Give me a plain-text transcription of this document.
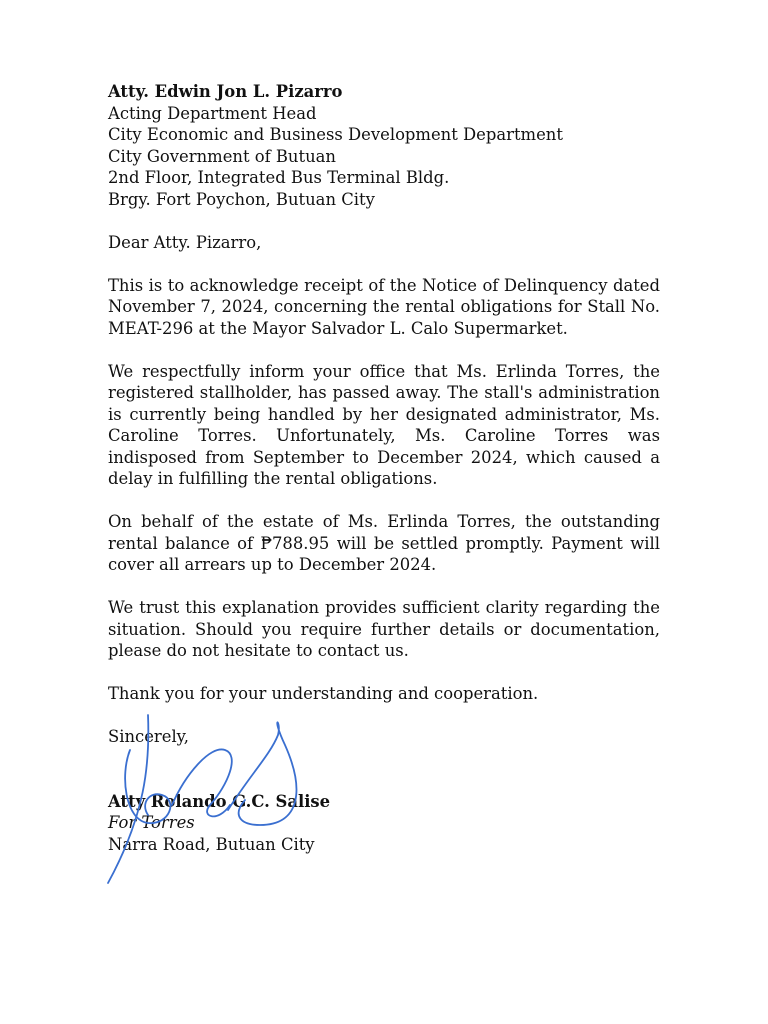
Atty. Edwin Jon L. Pizarro
Acting Department Head
City Economic and Business Development Department
City Government of Butuan
2nd Floor, Integrated Bus Terminal Bldg.
Brgy. Fort Poychon, Butuan City
Dear Atty. Pizarro,

This is to acknowledge receipt of the Notice of Delinquency dated November 7, 2024, concerning the rental obligations for Stall No. MEAT-296 at the Mayor Salvador L. Calo Supermarket.

We respectfully inform your office that Ms. Erlinda Torres, the registered stallholder, has passed away. The stall's administration is currently being handled by her designated administrator, Ms. Caroline Torres. Unfortunately, Ms. Caroline Torres was indisposed from September to December 2024, which caused a delay in fulfilling the rental obligations.

On behalf of the estate of Ms. Erlinda Torres, the outstanding rental balance of ₱788.95 will be settled promptly. Payment will cover all arrears up to December 2024.

We trust this explanation provides sufficient clarity regarding the situation. Should you require further details or documentation, please do not hesitate to contact us.

Thank you for your understanding and cooperation.
Sincerely,
Atty Rolando G.C. Salise
For Torres
Narra Road, Butuan City
